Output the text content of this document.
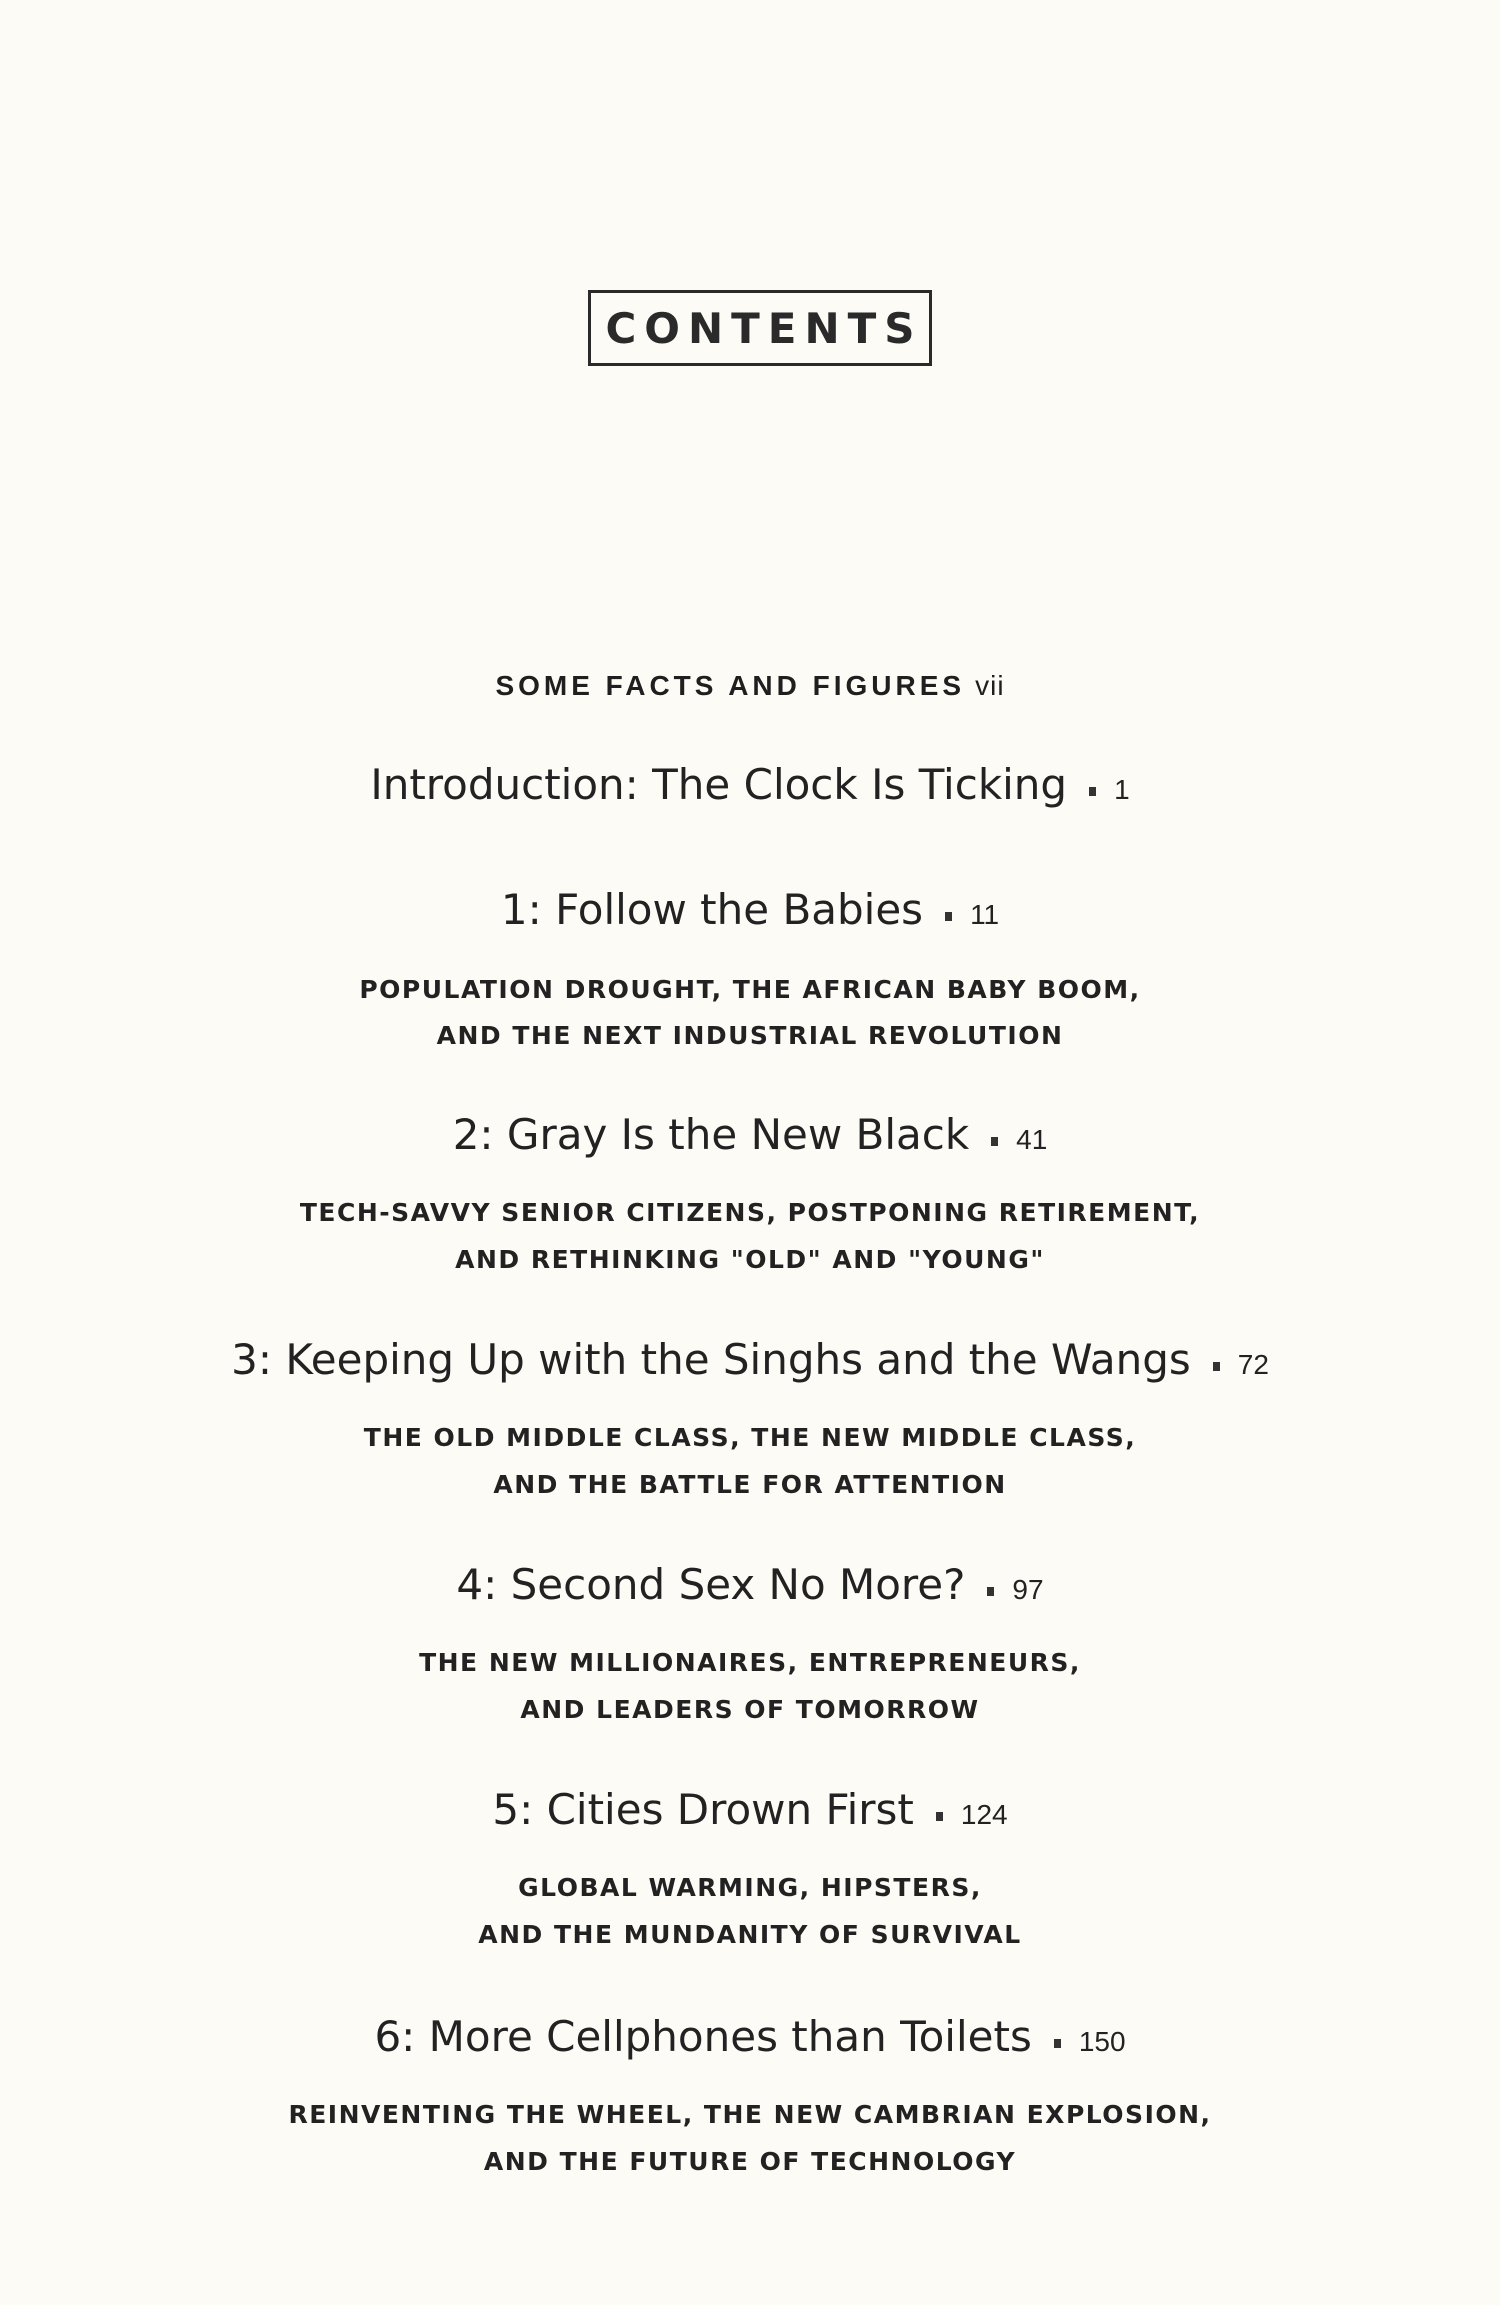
CONTENTS
SOME FACTS AND FIGURES vii
Introduction: The Clock Is Ticking 1
1: Follow the Babies 11
POPULATION DROUGHT, THE AFRICAN BABY BOOM,
AND THE NEXT INDUSTRIAL REVOLUTION
2: Gray Is the New Black 41
TECH-SAVVY SENIOR CITIZENS, POSTPONING RETIREMENT,
AND RETHINKING "OLD" AND "YOUNG"
3: Keeping Up with the Singhs and the Wangs 72
THE OLD MIDDLE CLASS, THE NEW MIDDLE CLASS,
AND THE BATTLE FOR ATTENTION
4: Second Sex No More? 97
THE NEW MILLIONAIRES, ENTREPRENEURS,
AND LEADERS OF TOMORROW
5: Cities Drown First 124
GLOBAL WARMING, HIPSTERS,
AND THE MUNDANITY OF SURVIVAL
6: More Cellphones than Toilets 150
REINVENTING THE WHEEL, THE NEW CAMBRIAN EXPLOSION,
AND THE FUTURE OF TECHNOLOGY
